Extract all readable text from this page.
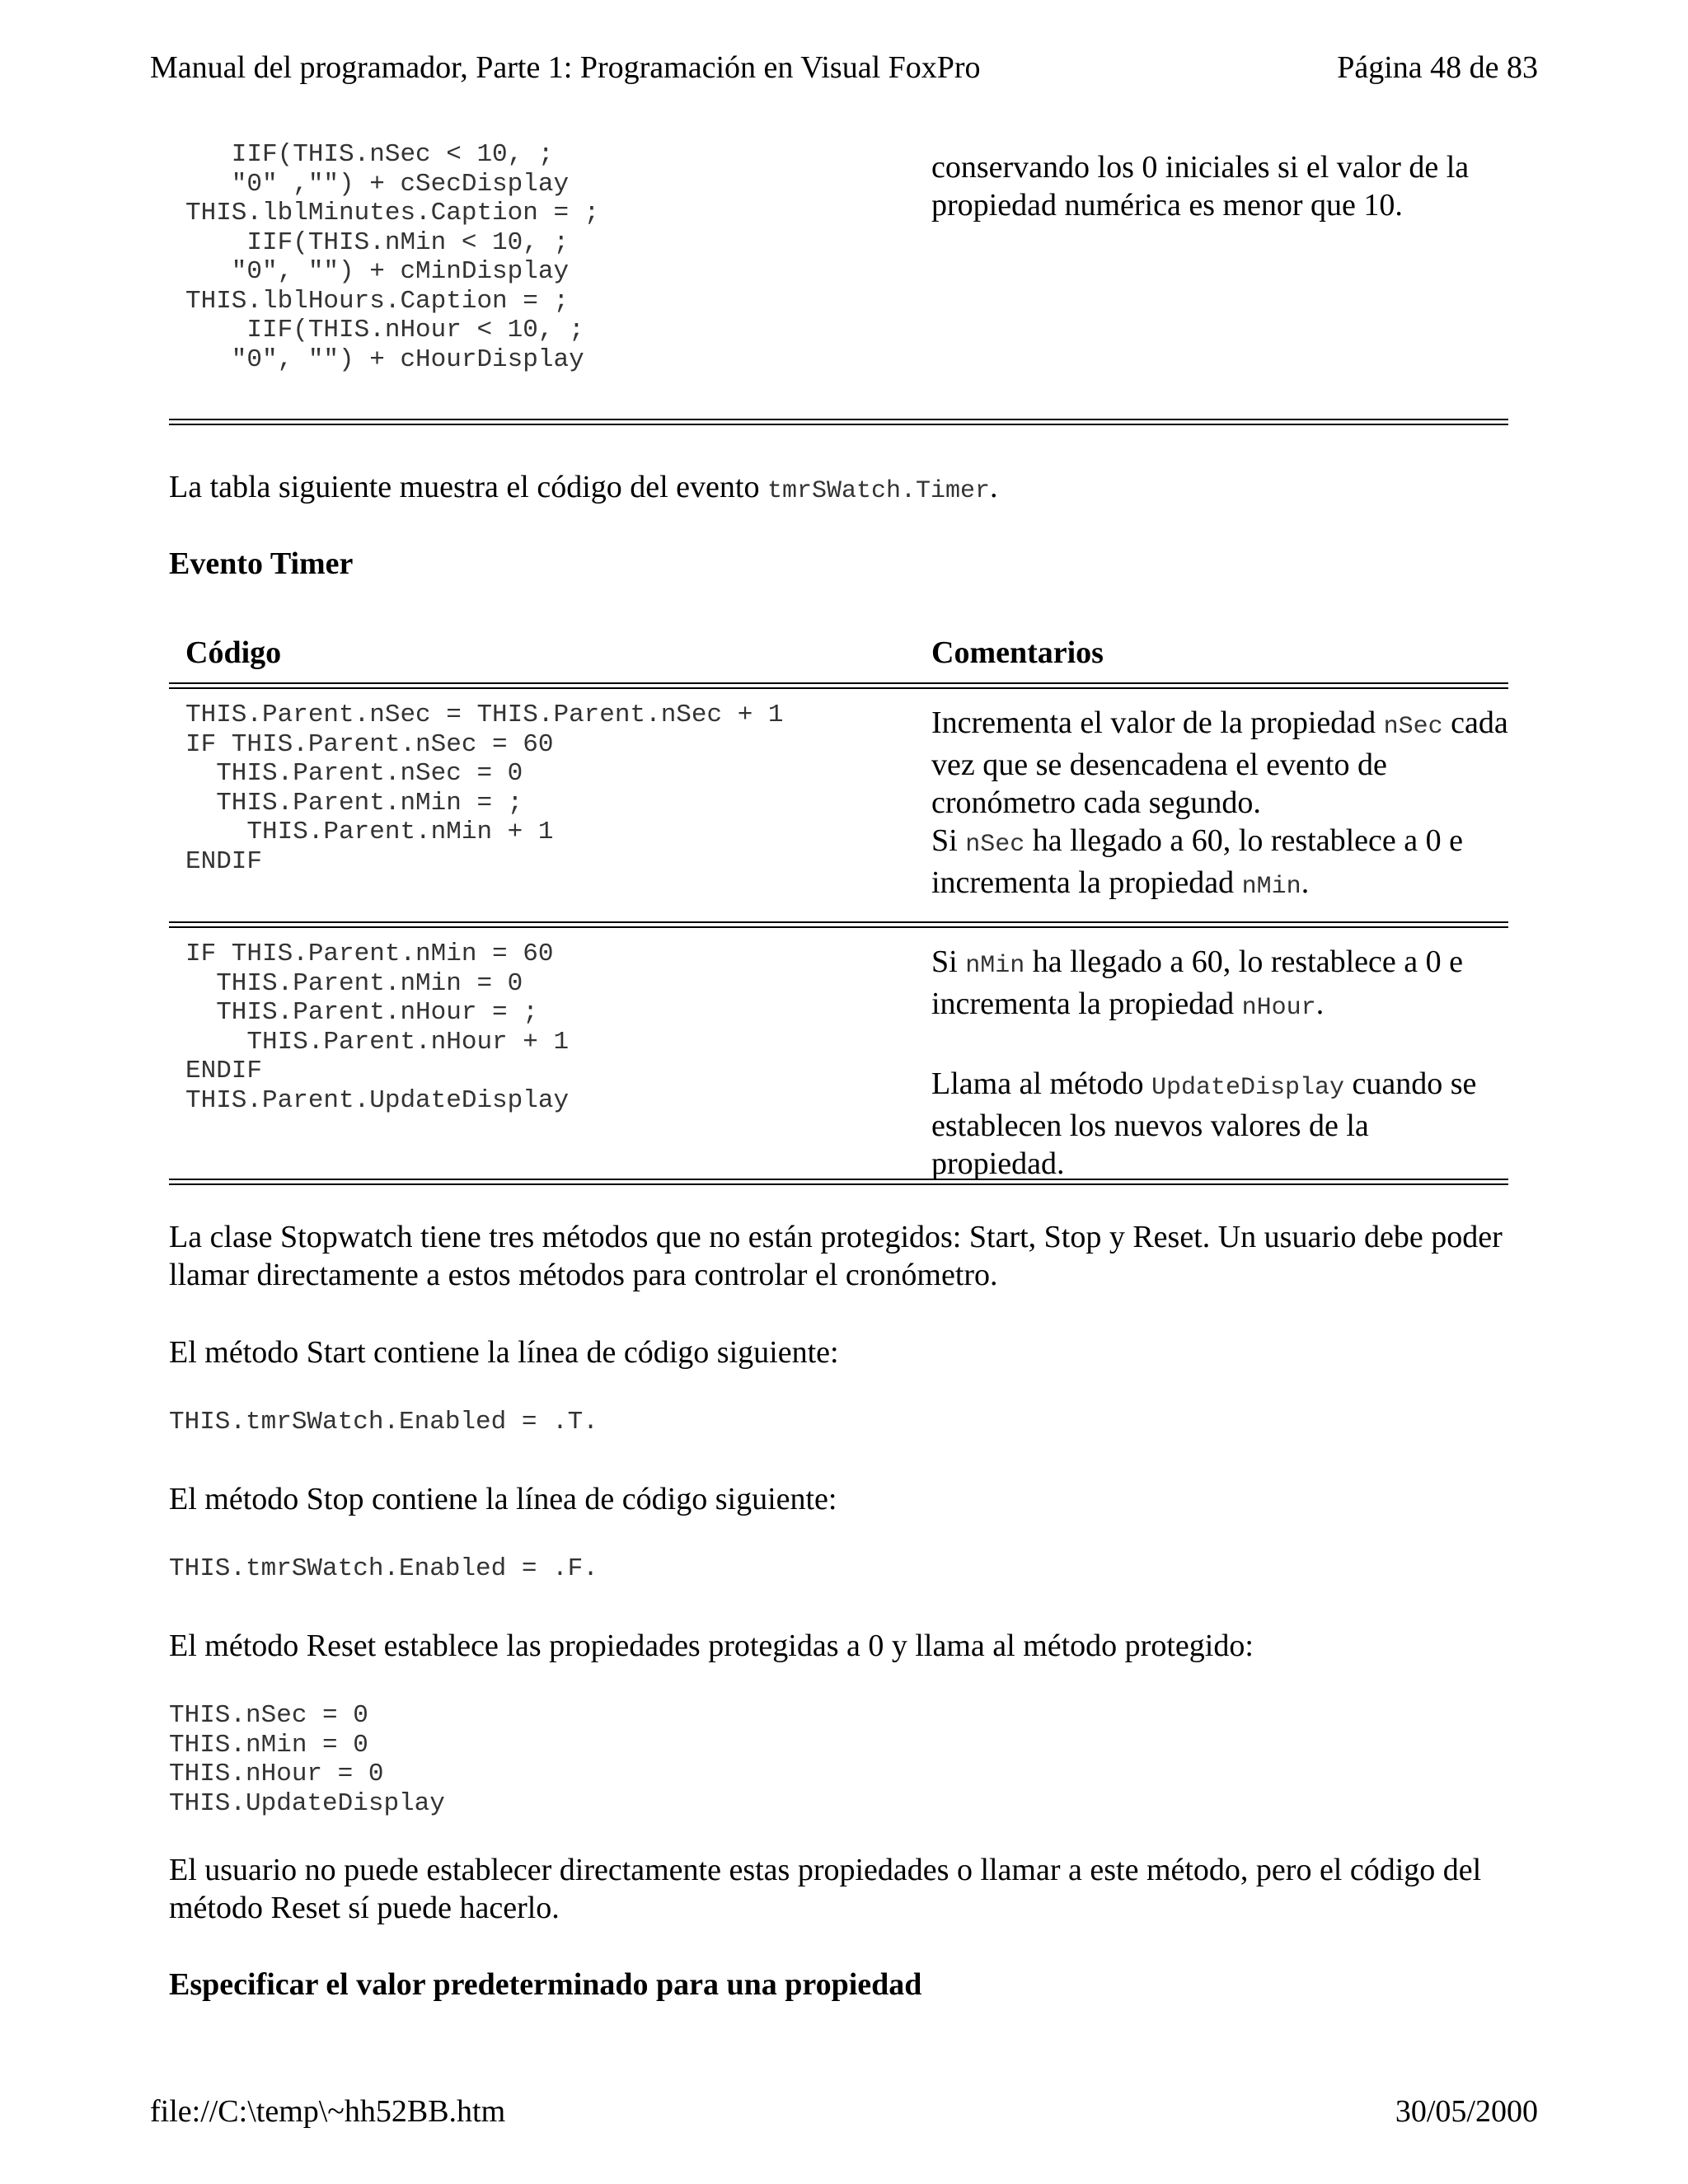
Manual del programador, Parte 1: Programación en Visual FoxPro	Página 48 de 83
IIF(THIS.nSec < 10, ;
"0" ,"") + cSecDisplay
THIS.lblMinutes.Caption = ;
IIF(THIS.nMin < 10, ;
"0", "") + cMinDisplay
THIS.lblHours.Caption = ;
IIF(THIS.nHour < 10, ;
"0", "") + cHourDisplay
conservando los 0 iniciales si el valor de la propiedad numérica es menor que 10.

La tabla siguiente muestra el código del evento tmrSWatch.Timer.

Evento Timer
Código	Comentarios
THIS.Parent.nSec = THIS.Parent.nSec + 1
IF THIS.Parent.nSec = 60
THIS.Parent.nSec = 0
THIS.Parent.nMin = ;
THIS.Parent.nMin + 1
ENDIF
Incrementa el valor de la propiedad nSec cada vez que se desencadena el evento de cronómetro cada segundo.
Si nSec ha llegado a 60, lo restablece a 0 e incrementa la propiedad nMin.
IF THIS.Parent.nMin = 60
THIS.Parent.nMin = 0
THIS.Parent.nHour = ;
THIS.Parent.nHour + 1
ENDIF
THIS.Parent.UpdateDisplay
Si nMin ha llegado a 60, lo restablece a 0 e incrementa la propiedad nHour.

Llama al método UpdateDisplay cuando se establecen los nuevos valores de la propiedad.

La clase Stopwatch tiene tres métodos que no están protegidos: Start, Stop y Reset. Un usuario debe poder llamar directamente a estos métodos para controlar el cronómetro.

El método Start contiene la línea de código siguiente:

THIS.tmrSWatch.Enabled = .T.

El método Stop contiene la línea de código siguiente:

THIS.tmrSWatch.Enabled = .F.

El método Reset establece las propiedades protegidas a 0 y llama al método protegido:

THIS.nSec = 0
THIS.nMin = 0
THIS.nHour = 0
THIS.UpdateDisplay

El usuario no puede establecer directamente estas propiedades o llamar a este método, pero el código del método Reset sí puede hacerlo.

Especificar el valor predeterminado para una propiedad
file://C:\temp\~hh52BB.htm	30/05/2000
